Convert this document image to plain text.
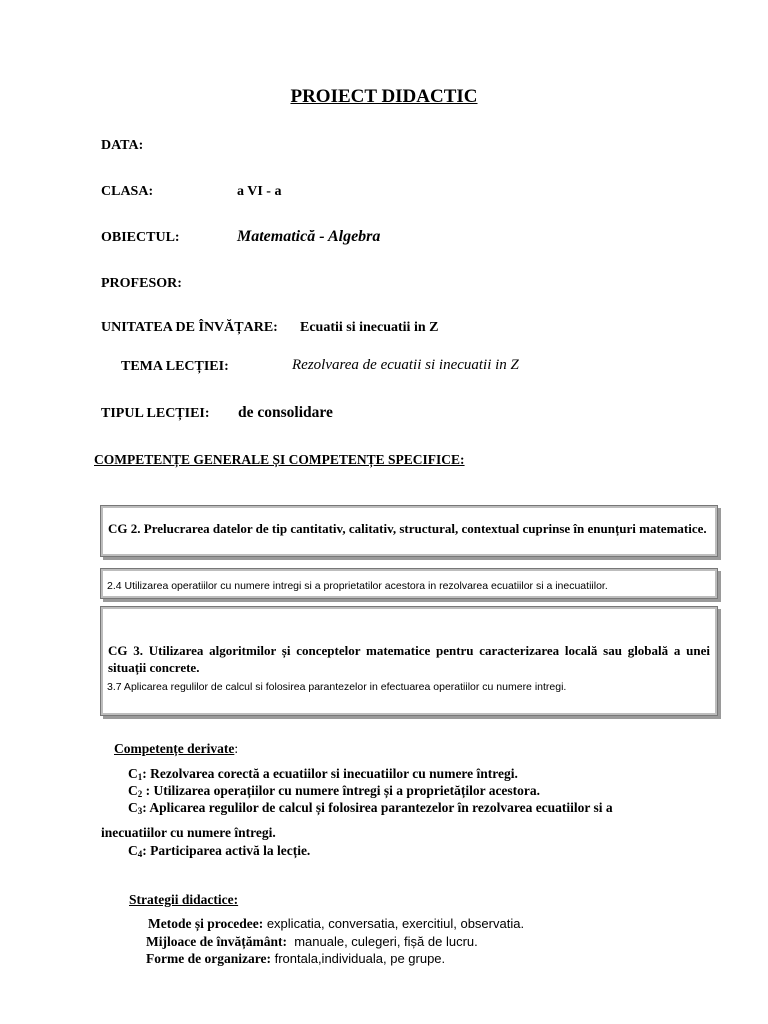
PROIECT DIDACTIC
DATA:
CLASA:	a VI - a
OBIECTUL:	Matematică - Algebra
PROFESOR:
UNITATEA DE ÎNVĂȚARE: Ecuatii si inecuatii in Z
TEMA LECȚIEI:	Rezolvarea de ecuatii si inecuatii in Z
TIPUL LECȚIEI: de consolidare
COMPETENȚE GENERALE ȘI COMPETENȚE SPECIFICE:
CG 2. Prelucrarea datelor de tip cantitativ, calitativ, structural, contextual cuprinse în enunțuri matematice.
2.4 Utilizarea operatiilor cu numere intregi si a proprietatilor acestora in rezolvarea ecuatiilor si a inecuatiilor.
CG 3. Utilizarea algoritmilor și conceptelor matematice pentru caracterizarea locală sau globală a unei situații concrete.
3.7 Aplicarea regulilor de calcul si folosirea parantezelor in efectuarea operatiilor cu numere intregi.
Competențe derivate:
$C_1$: Rezolvarea corectă a ecuatiilor si inecuatiilor cu numere întregi.
$C_2$ : Utilizarea operațiilor cu numere întregi și a proprietăților acestora.
$C_3$: Aplicarea regulilor de calcul și folosirea parantezelor în rezolvarea ecuatiilor si a
inecuatiilor cu numere întregi.
$C_4$: Participarea activă la lecție.
Strategii didactice:
Metode și procedee: explicatia, conversatia, exercitiul, observatia.
Mijloace de învățământ:  manuale, culegeri, fișă de lucru.
Forme de organizare: frontala,individuala, pe grupe.
